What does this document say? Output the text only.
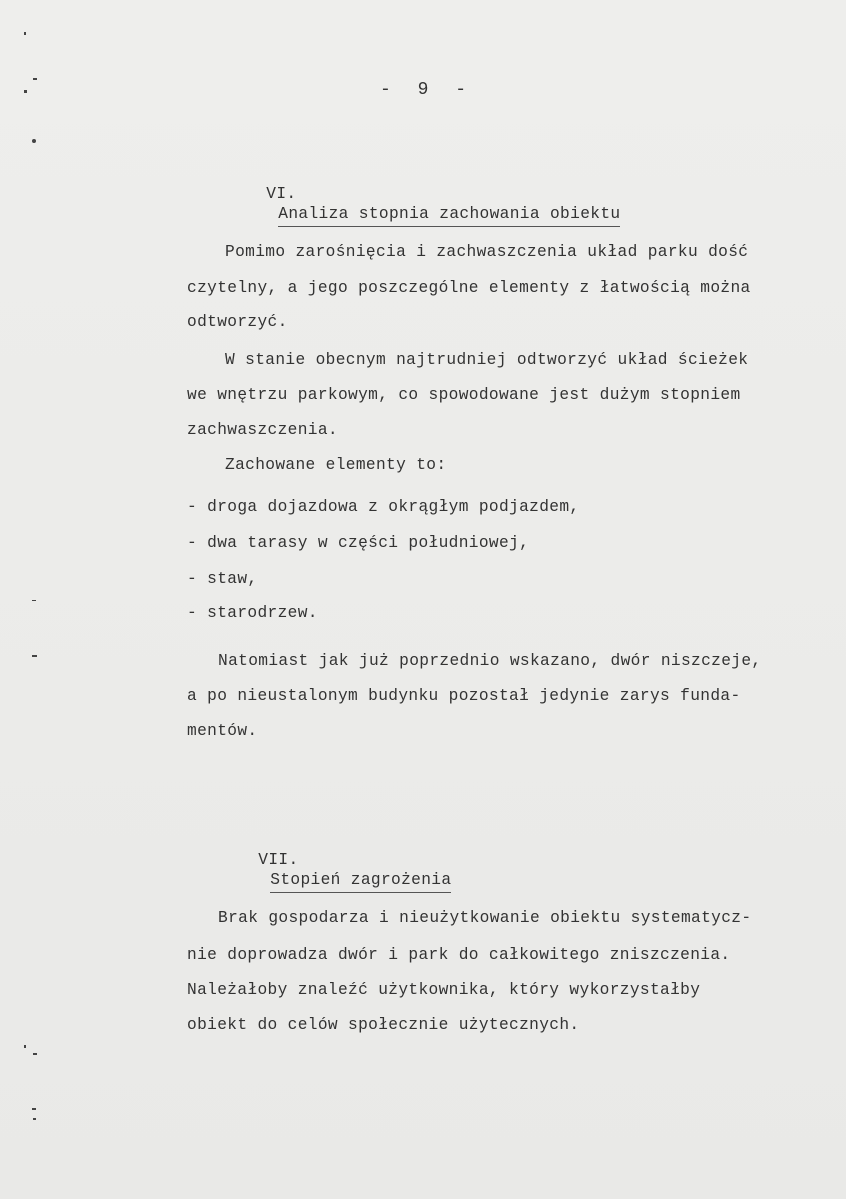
- 9 -

VI.
Analiza stopnia zachowania obiektu

Pomimo zarośnięcia i zachwaszczenia układ parku dość
czytelny, a jego poszczególne elementy z łatwością można
odtworzyć.
W stanie obecnym najtrudniej odtworzyć układ ścieżek
we wnętrzu parkowym, co spowodowane jest dużym stopniem
zachwaszczenia.
Zachowane elementy to:
- droga dojazdowa z okrągłym podjazdem,
- dwa tarasy w części południowej,
- staw,
- starodrzew.
Natomiast jak już poprzednio wskazano, dwór niszczeje,
a po nieustalonym budynku pozostał jedynie zarys funda-
mentów.

VII.
Stopień zagrożenia

Brak gospodarza i nieużytkowanie obiektu systematycz-
nie doprowadza dwór i park do całkowitego zniszczenia.
Należałoby znaleźć użytkownika, który wykorzystałby
obiekt do celów społecznie użytecznych.
